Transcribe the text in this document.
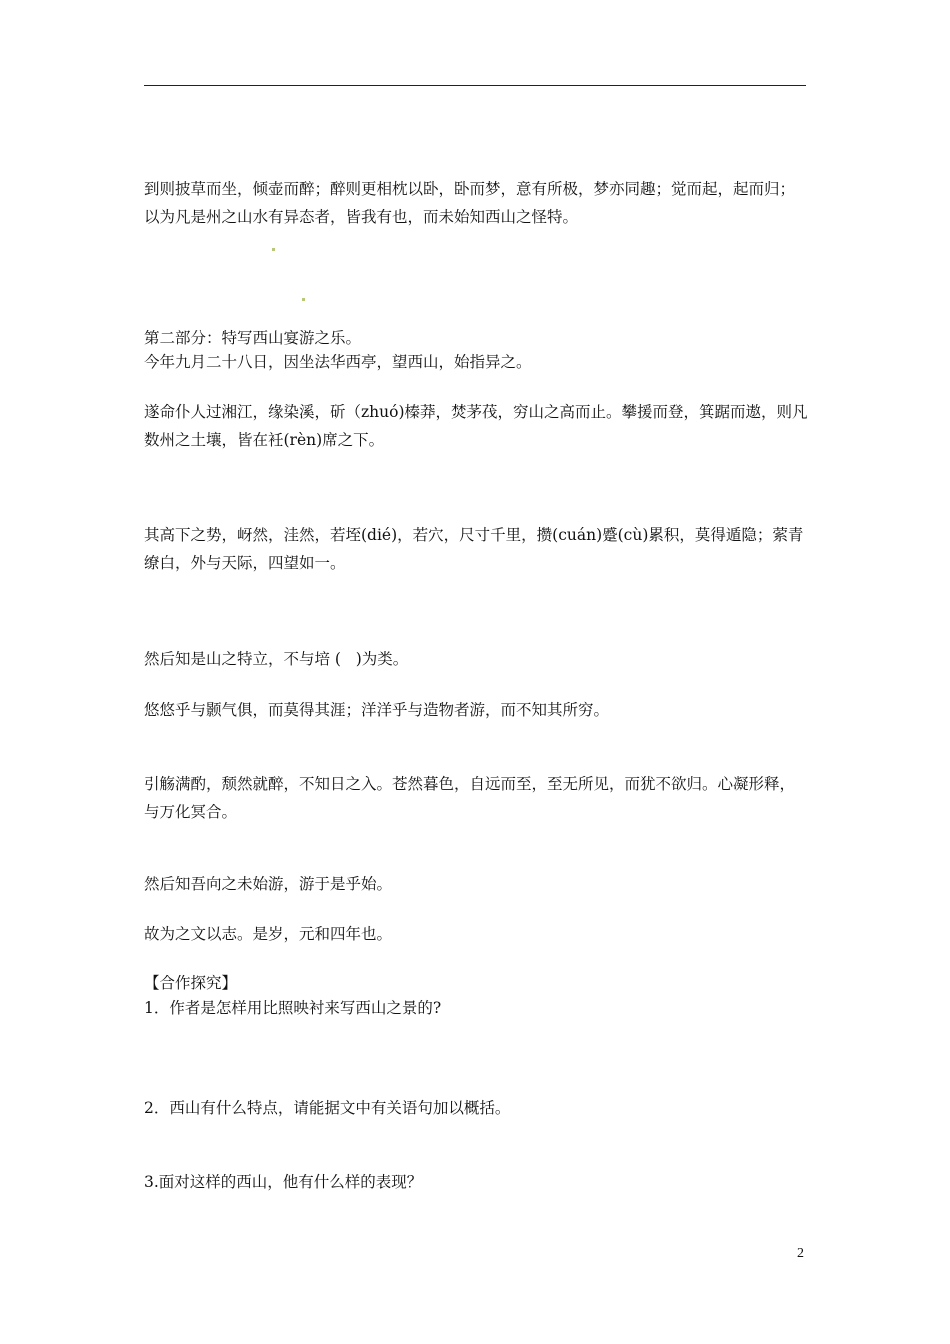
到则披草而坐，倾壶而醉；醉则更相枕以卧，卧而梦，意有所极，梦亦同趣；觉而起，起而归；以为凡是州之山水有异态者，皆我有也，而未始知西山之怪特。
第二部分：特写西山宴游之乐。
今年九月二十八日，因坐法华西亭，望西山，始指异之。
遂命仆人过湘江，缘染溪，斫（zhuó)榛莽，焚茅茷，穷山之高而止。攀援而登，箕踞而遨，则凡数州之土壤，皆在衽(rèn)席之下。
其高下之势，岈然，洼然，若垤(dié)，若穴，尺寸千里，攒(cuán)蹙(cù)累积，莫得遁隐；萦青缭白，外与天际，四望如一。
然后知是山之特立，不与培 (   )为类。
悠悠乎与颢气俱，而莫得其涯；洋洋乎与造物者游，而不知其所穷。
引觞满酌，颓然就醉，不知日之入。苍然暮色，自远而至，至无所见，而犹不欲归。心凝形释，与万化冥合。
然后知吾向之未始游，游于是乎始。
故为之文以志。是岁，元和四年也。
【合作探究】
1．作者是怎样用比照映衬来写西山之景的?
2．西山有什么特点，请能据文中有关语句加以概括。
3.面对这样的西山，他有什么样的表现？
2
